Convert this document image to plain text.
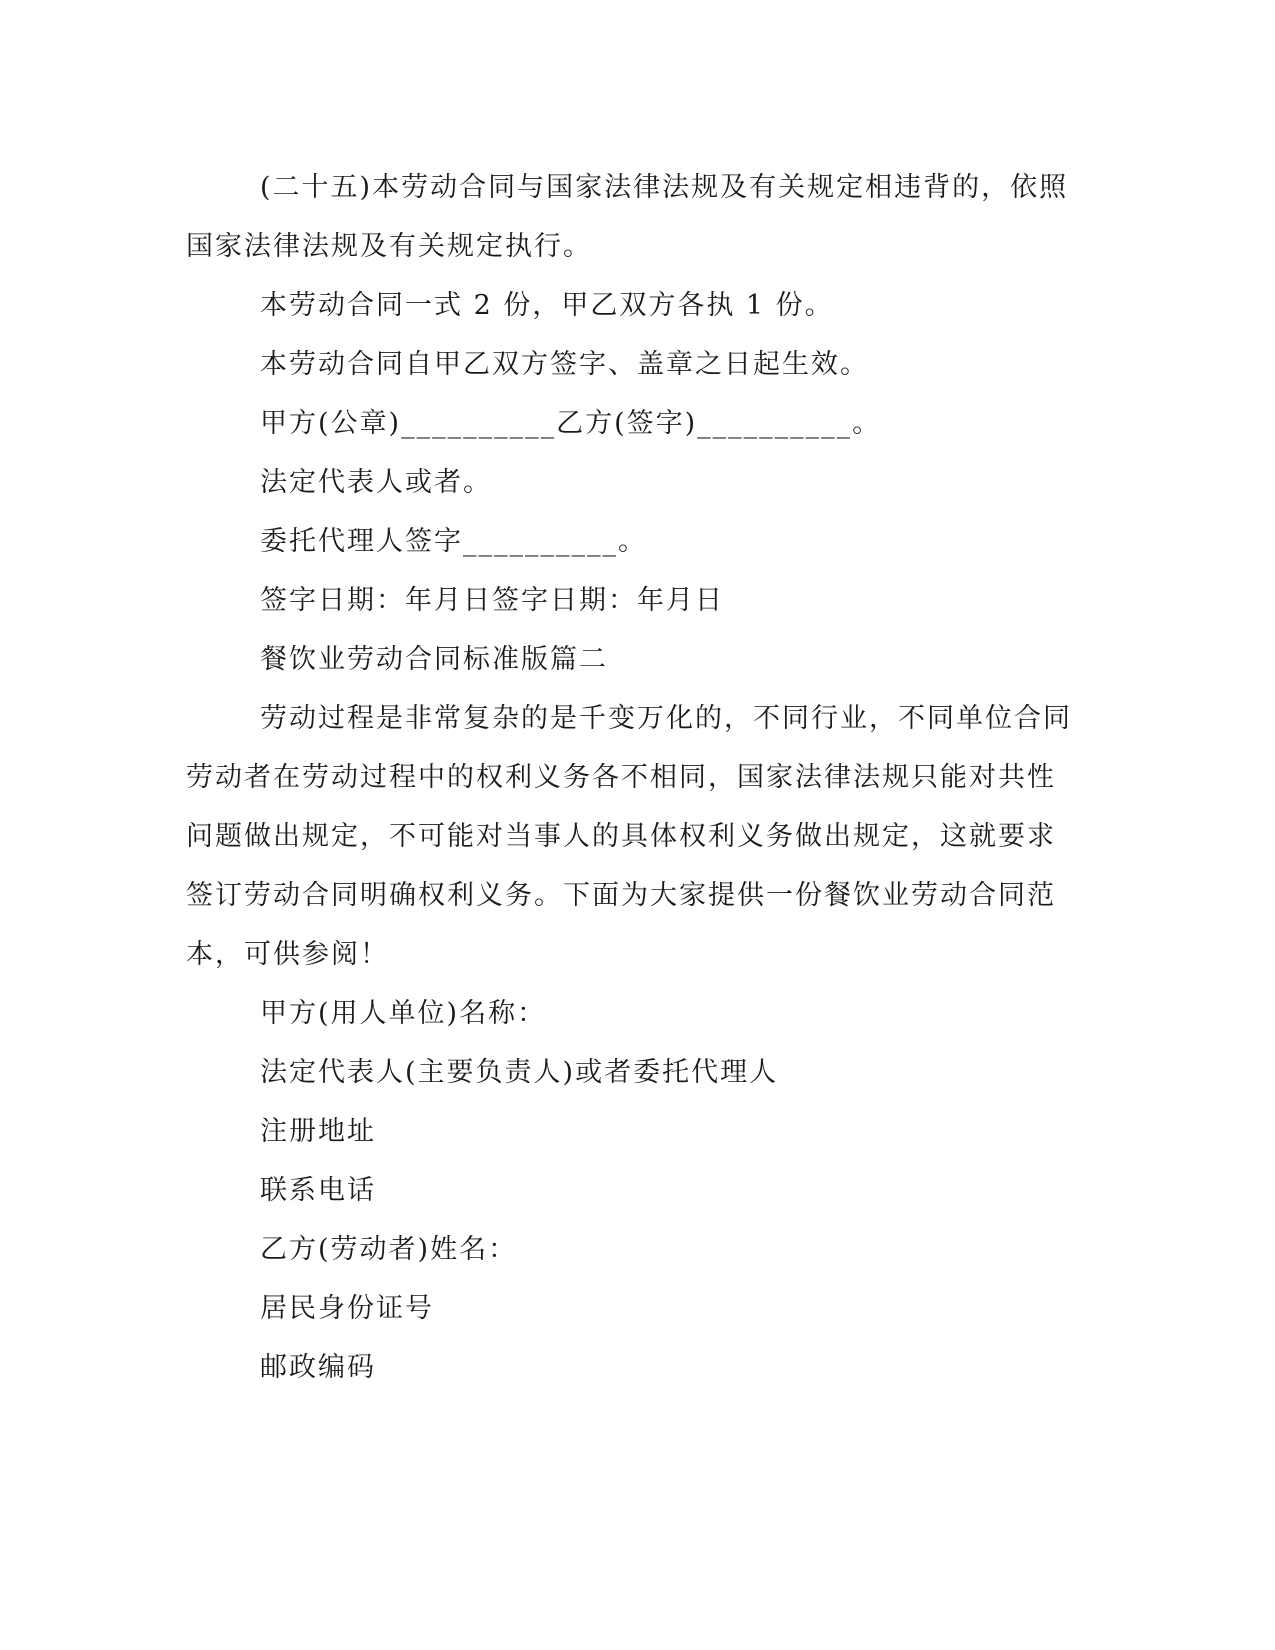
(二十五)本劳动合同与国家法律法规及有关规定相违背的，依照
国家法律法规及有关规定执行。

本劳动合同一式 2 份，甲乙双方各执 1 份。

本劳动合同自甲乙双方签字、盖章之日起生效。

甲方(公章)__________乙方(签字)__________。

法定代表人或者。

委托代理人签字__________。

签字日期：年月日签字日期：年月日

餐饮业劳动合同标准版篇二

劳动过程是非常复杂的是千变万化的，不同行业，不同单位合同
劳动者在劳动过程中的权利义务各不相同，国家法律法规只能对共性
问题做出规定，不可能对当事人的具体权利义务做出规定，这就要求
签订劳动合同明确权利义务。下面为大家提供一份餐饮业劳动合同范
本，可供参阅！

甲方(用人单位)名称：

法定代表人(主要负责人)或者委托代理人

注册地址

联系电话

乙方(劳动者)姓名：

居民身份证号

邮政编码
